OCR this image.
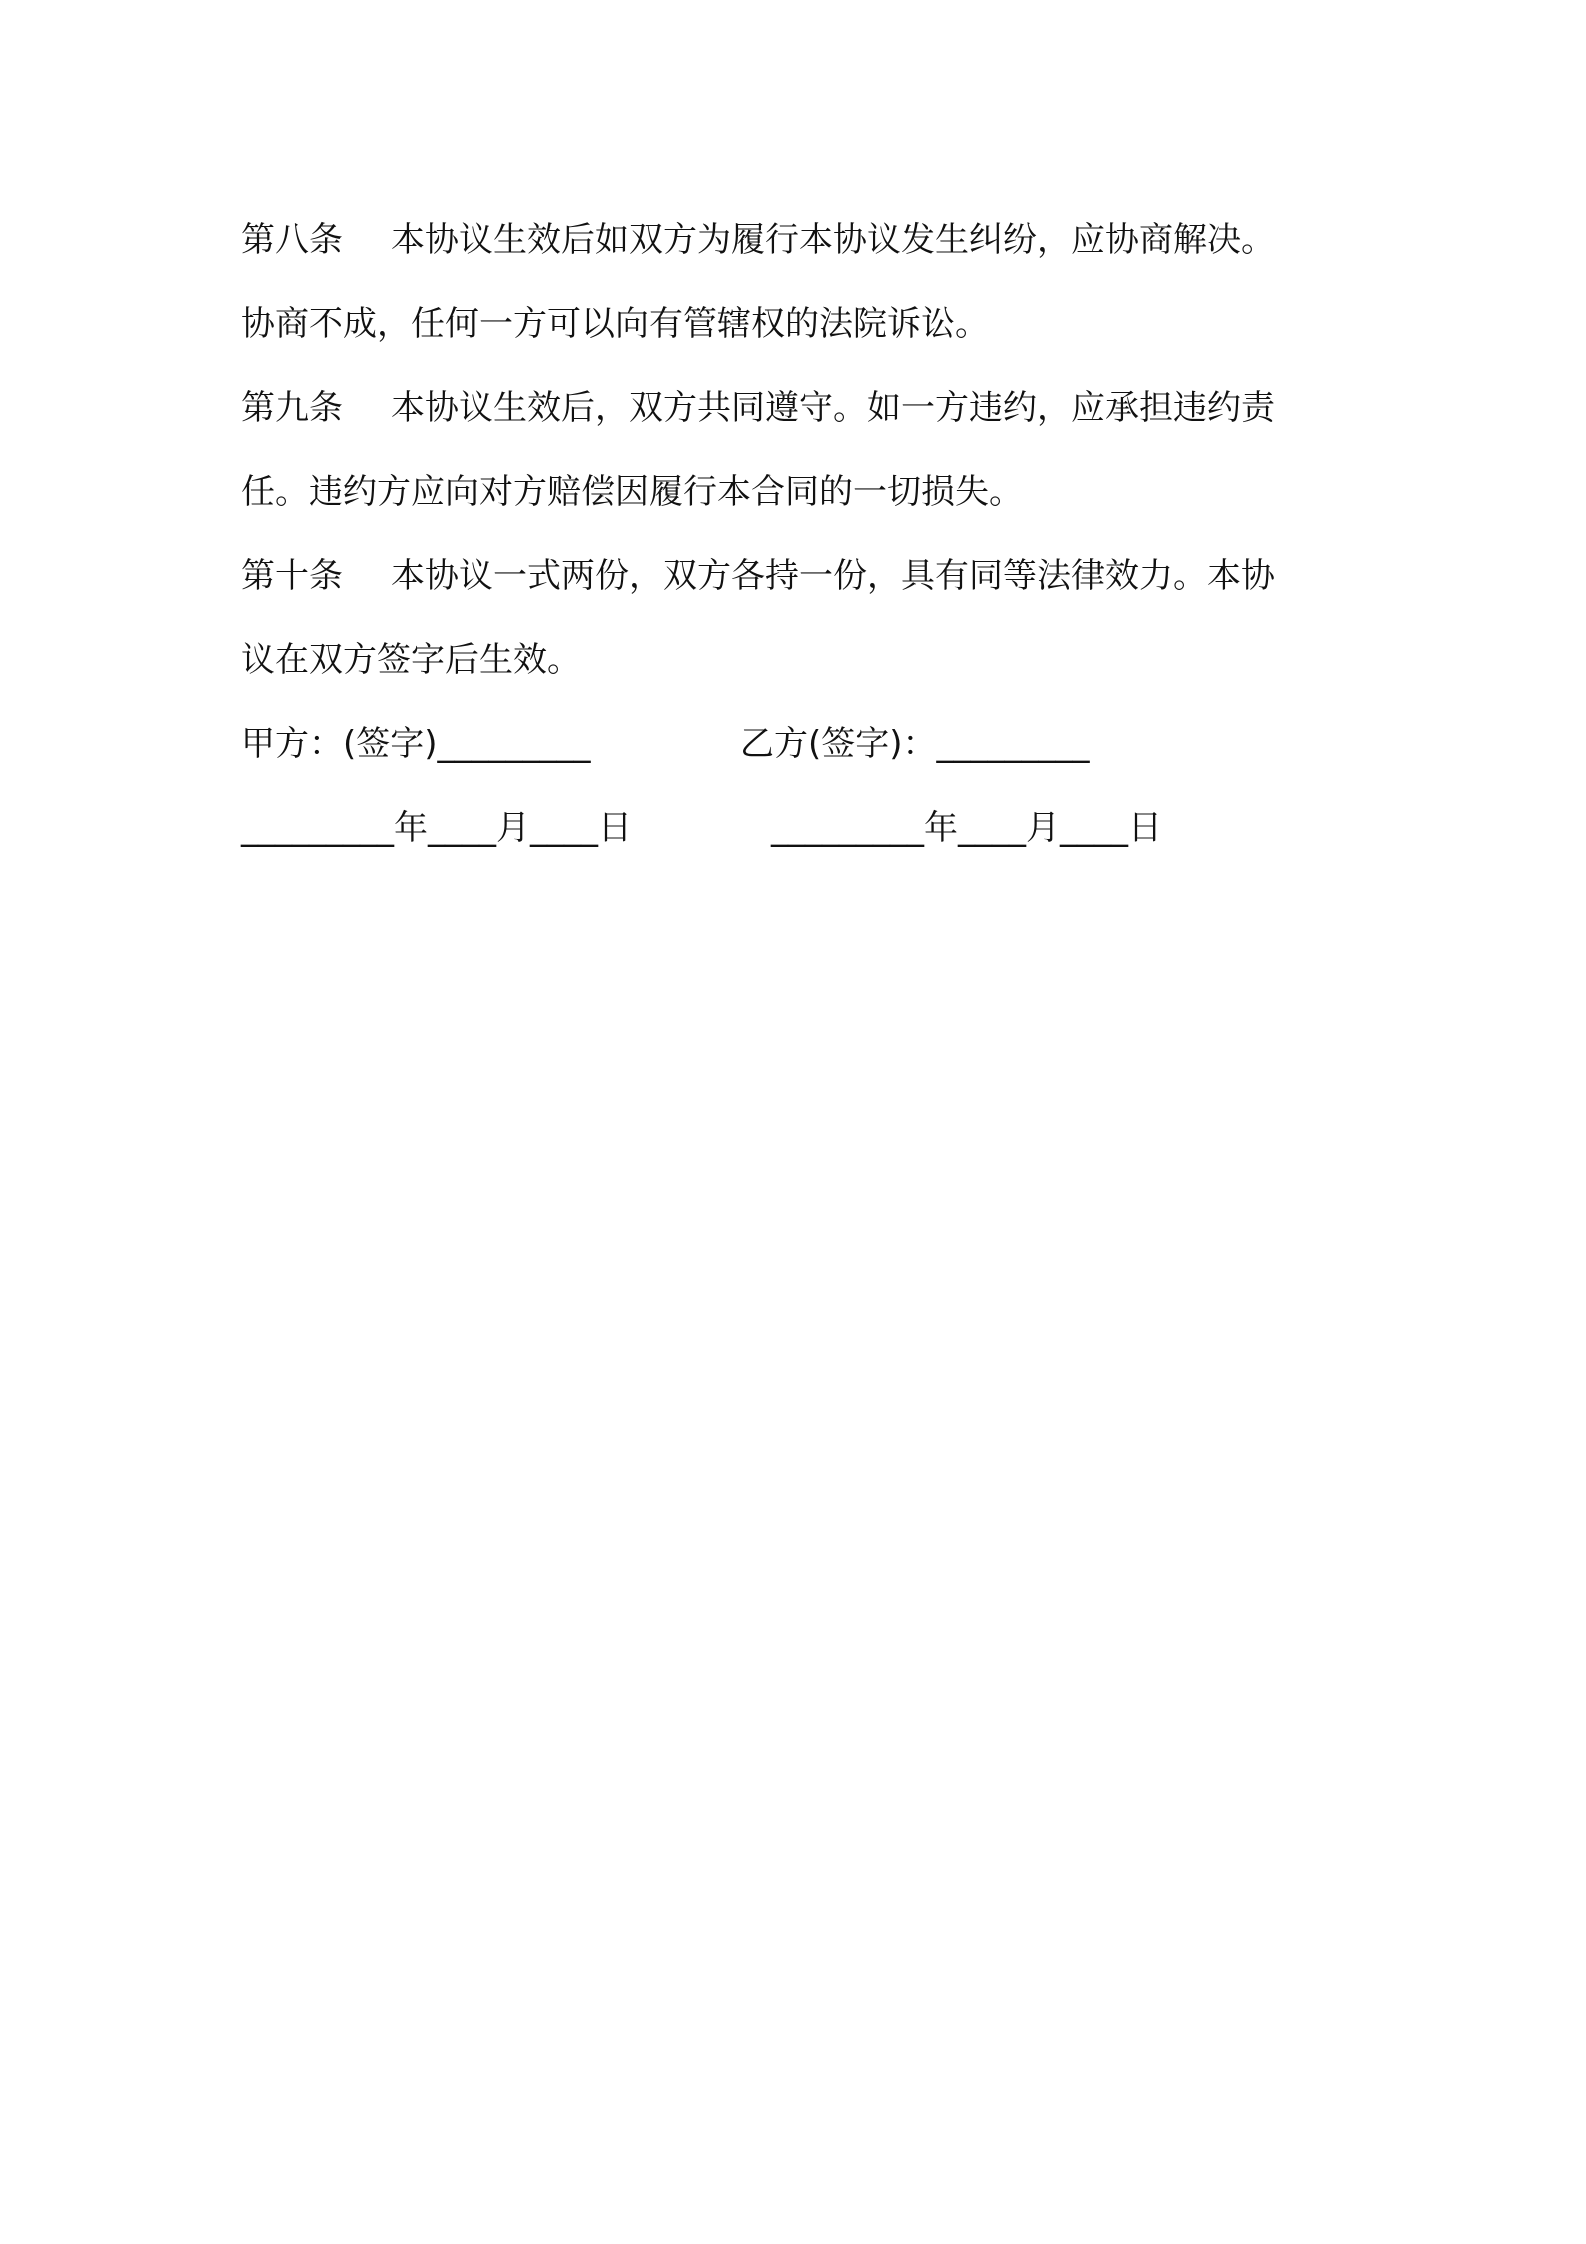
第八条 本协议生效后如双方为履行本协议发生纠纷，应协商解决。
协商不成，任何一方可以向有管辖权的法院诉讼。
第九条 本协议生效后，双方共同遵守。如一方违约，应承担违约责
任。违约方应向对方赔偿因履行本合同的一切损失。
第十条 本协议一式两份，双方各持一份，具有同等法律效力。本协
议在双方签字后生效。
甲方：(签字)_________	乙方(签字)：_________
_________年____月____日	_________年____月____日
